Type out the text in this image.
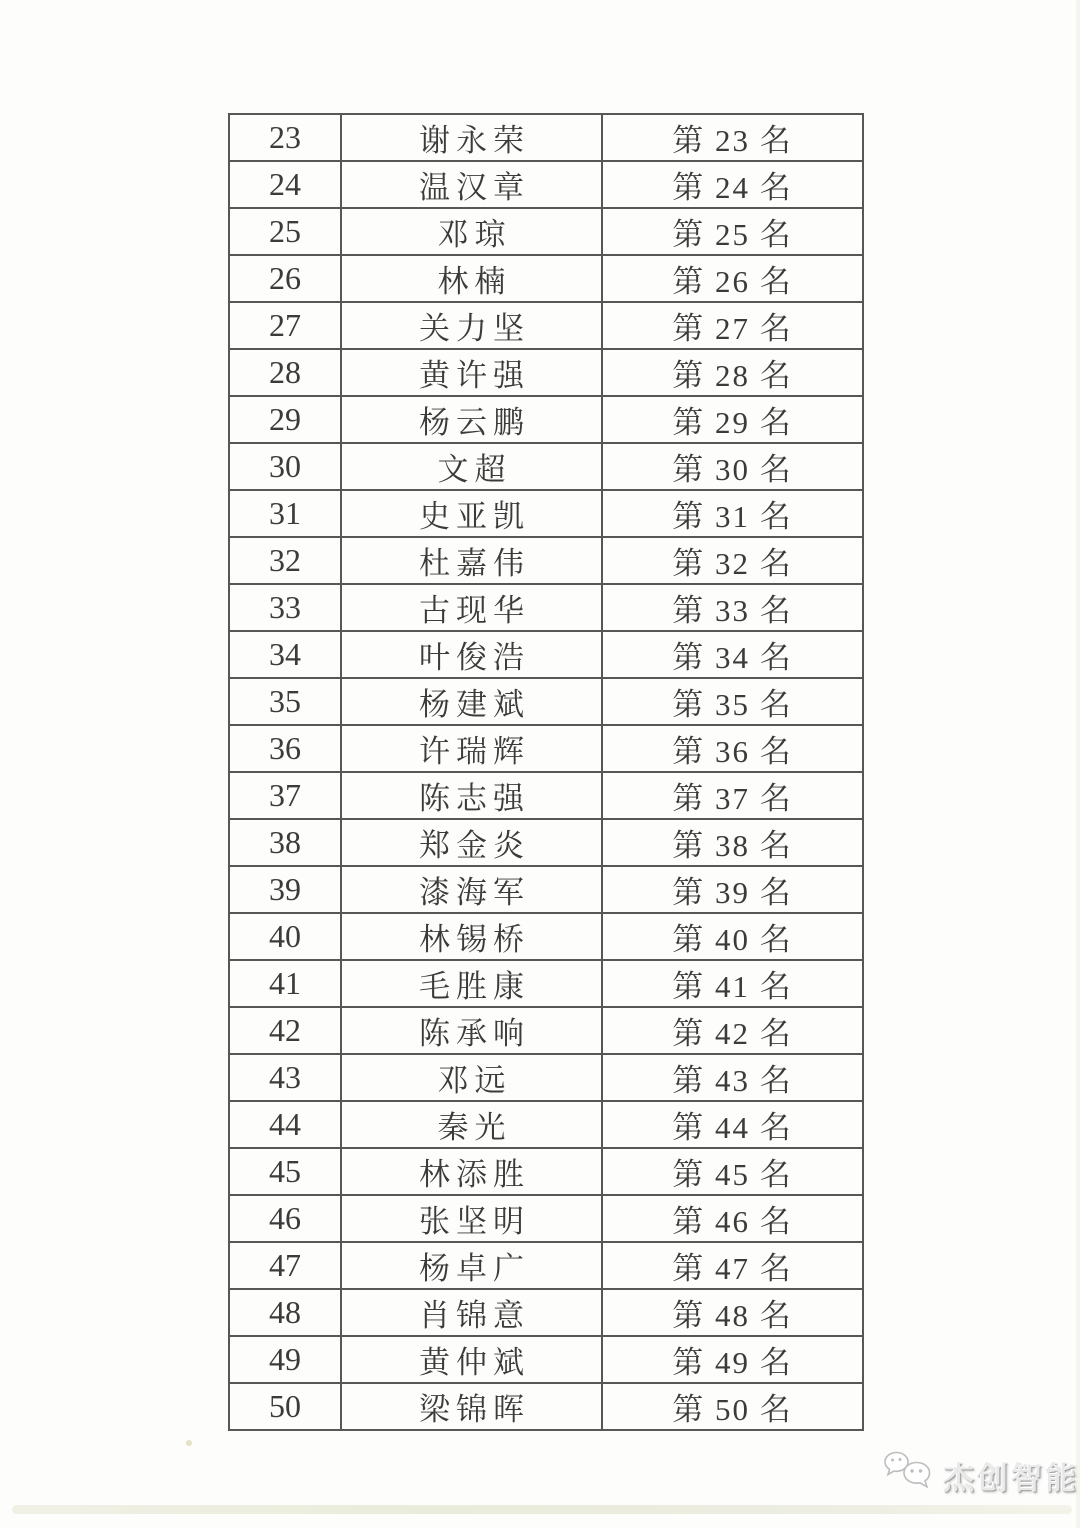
23	谢永荣	第 23 名
24	温汉章	第 24 名
25	邓琼	第 25 名
26	林楠	第 26 名
27	关力坚	第 27 名
28	黄许强	第 28 名
29	杨云鹏	第 29 名
30	文超	第 30 名
31	史亚凯	第 31 名
32	杜嘉伟	第 32 名
33	古现华	第 33 名
34	叶俊浩	第 34 名
35	杨建斌	第 35 名
36	许瑞辉	第 36 名
37	陈志强	第 37 名
38	郑金炎	第 38 名
39	漆海军	第 39 名
40	林锡桥	第 40 名
41	毛胜康	第 41 名
42	陈承响	第 42 名
43	邓远	第 43 名
44	秦光	第 44 名
45	林添胜	第 45 名
46	张坚明	第 46 名
47	杨卓广	第 47 名
48	肖锦意	第 48 名
49	黄仲斌	第 49 名
50	梁锦晖	第 50 名
杰创智能
